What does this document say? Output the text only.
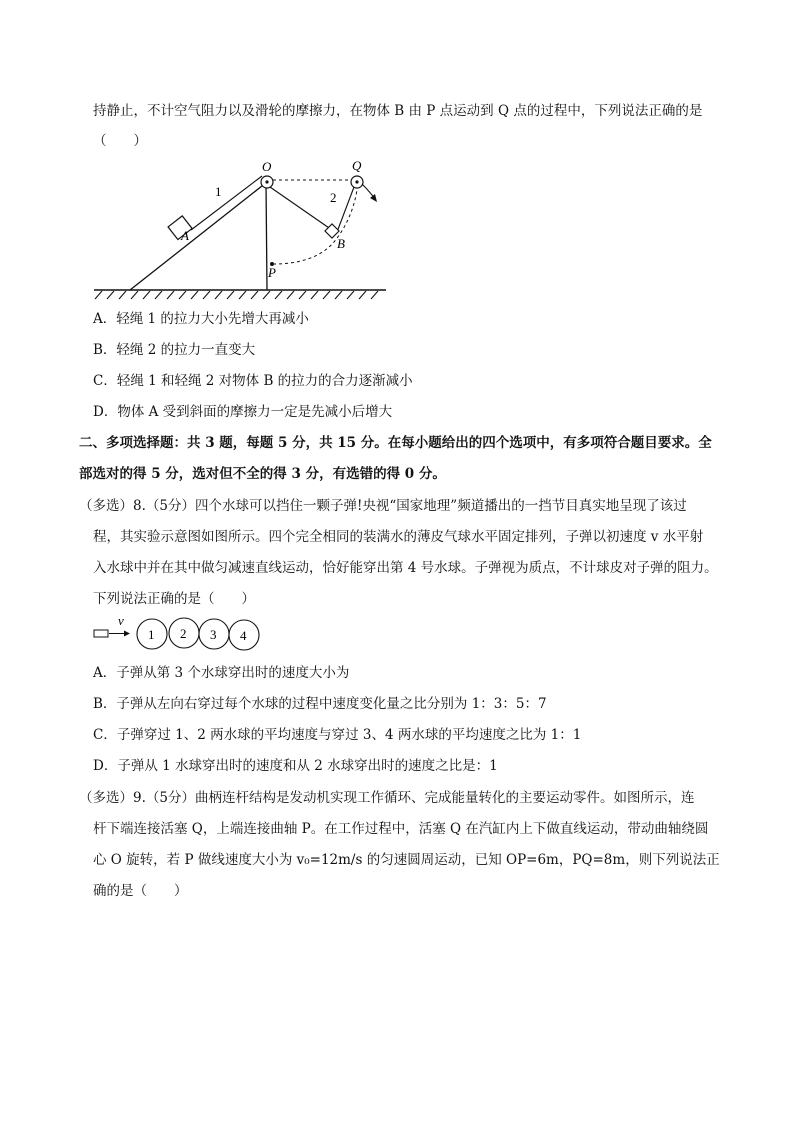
持静止，不计空气阻力以及滑轮的摩擦力，在物体 B 由 P 点运动到 Q 点的过程中，下列说法正确的是
（　　）
O	Q
1	2
A
B
P
A．轻绳 1 的拉力大小先增大再减小
B．轻绳 2 的拉力一直变大
C．轻绳 1 和轻绳 2 对物体 B 的拉力的合力逐渐减小
D．物体 A 受到斜面的摩擦力一定是先减小后增大
二、多项选择题：共 3 题，每题 5 分，共 15 分。在每小题给出的四个选项中，有多项符合题目要求。全
部选对的得 5 分，选对但不全的得 3 分，有选错的得 0 分。
（多选）8.（5分）四个水球可以挡住一颗子弹!央视“国家地理”频道播出的一挡节目真实地呈现了该过
程，其实验示意图如图所示。四个完全相同的装满水的薄皮气球水平固定排列，子弹以初速度 v 水平射
入水球中并在其中做匀减速直线运动，恰好能穿出第 4 号水球。子弹视为质点，不计球皮对子弹的阻力。
下列说法正确的是（　　）
v
1 2 3 4
A．子弹从第 3 个水球穿出时的速度大小为
B．子弹从左向右穿过每个水球的过程中速度变化量之比分别为 1：3：5：7
C．子弹穿过 1、2 两水球的平均速度与穿过 3、4 两水球的平均速度之比为 1：1
D．子弹从 1 水球穿出时的速度和从 2 水球穿出时的速度之比是：1
（多选）9.（5分）曲柄连杆结构是发动机实现工作循环、完成能量转化的主要运动零件。如图所示，连
杆下端连接活塞 Q，上端连接曲轴 P。在工作过程中，活塞 Q 在汽缸内上下做直线运动，带动曲轴绕圆
心 O 旋转，若 P 做线速度大小为 v₀=12m/s 的匀速圆周运动，已知 OP=6m，PQ=8m，则下列说法正
确的是（　　）
